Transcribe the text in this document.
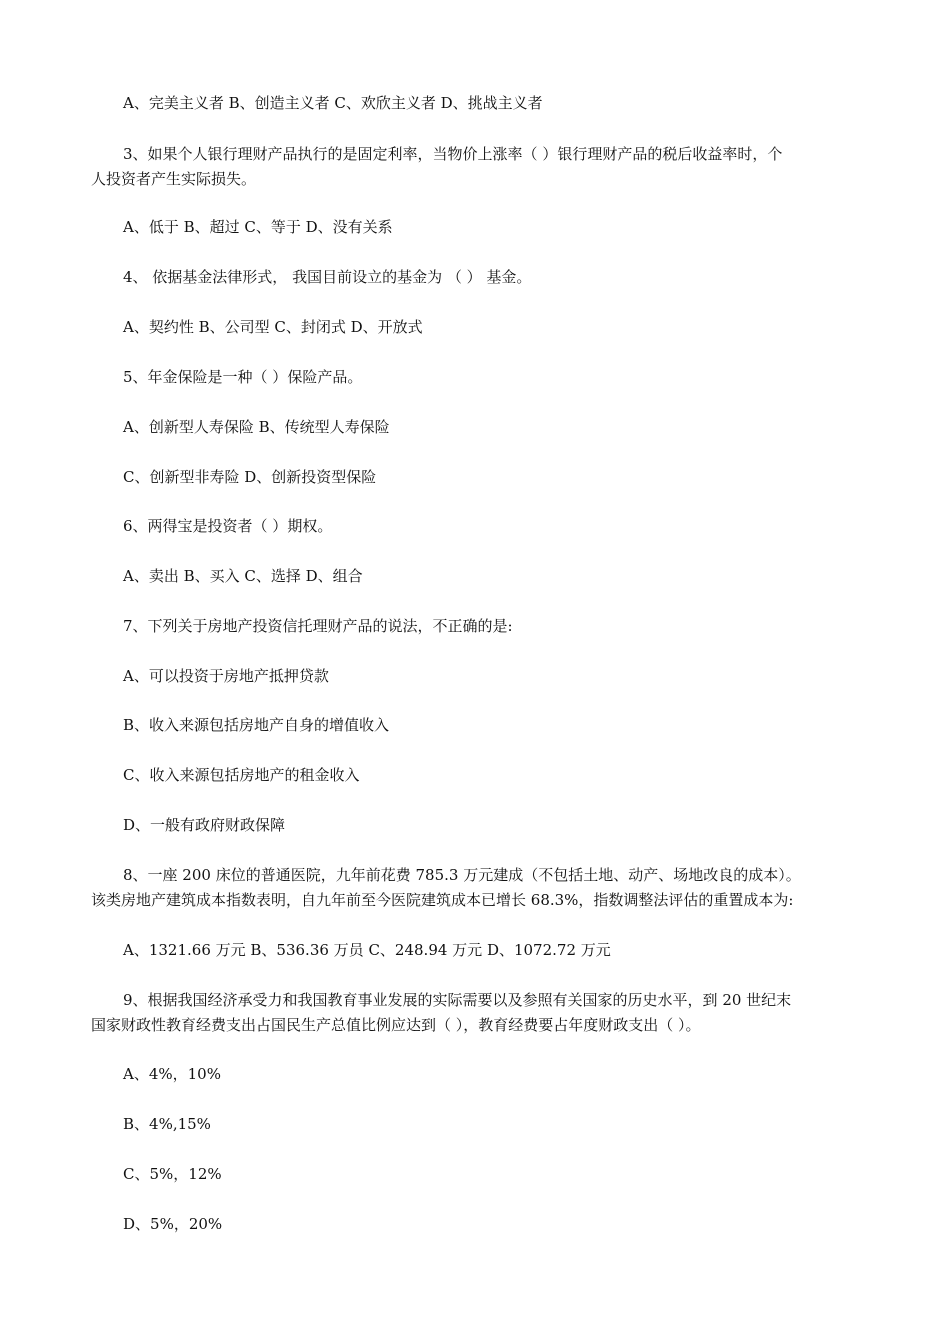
A、完美主义者 B、创造主义者 C、欢欣主义者 D、挑战主义者

3、如果个人银行理财产品执行的是固定利率，当物价上涨率（ ）银行理财产品的税后收益率时，个

人投资者产生实际损失。

A、低于 B、超过 C、等于 D、没有关系

4、 依据基金法律形式， 我国目前设立的基金为 （ ） 基金。

A、契约性 B、公司型 C、封闭式 D、开放式

5、年金保险是一种（ ）保险产品。

A、创新型人寿保险 B、传统型人寿保险

C、创新型非寿险 D、创新投资型保险

6、两得宝是投资者（ ）期权。

A、卖出 B、买入 C、选择 D、组合

7、下列关于房地产投资信托理财产品的说法，不正确的是:

A、可以投资于房地产抵押贷款

B、收入来源包括房地产自身的增值收入

C、收入来源包括房地产的租金收入

D、一般有政府财政保障

8、一座 200 床位的普通医院，九年前花费 785.3 万元建成（不包括土地、动产、场地改良的成本）。

该类房地产建筑成本指数表明，自九年前至今医院建筑成本已增长 68.3%，指数调整法评估的重置成本为:

A、1321.66 万元 B、536.36 万员 C、248.94 万元 D、1072.72 万元

9、根据我国经济承受力和我国教育事业发展的实际需要以及参照有关国家的历史水平，到 20 世纪末

国家财政性教育经费支出占国民生产总值比例应达到（ ），教育经费要占年度财政支出（ ）。

A、4%，10%

B、4%,15%

C、5%，12%

D、5%，20%
